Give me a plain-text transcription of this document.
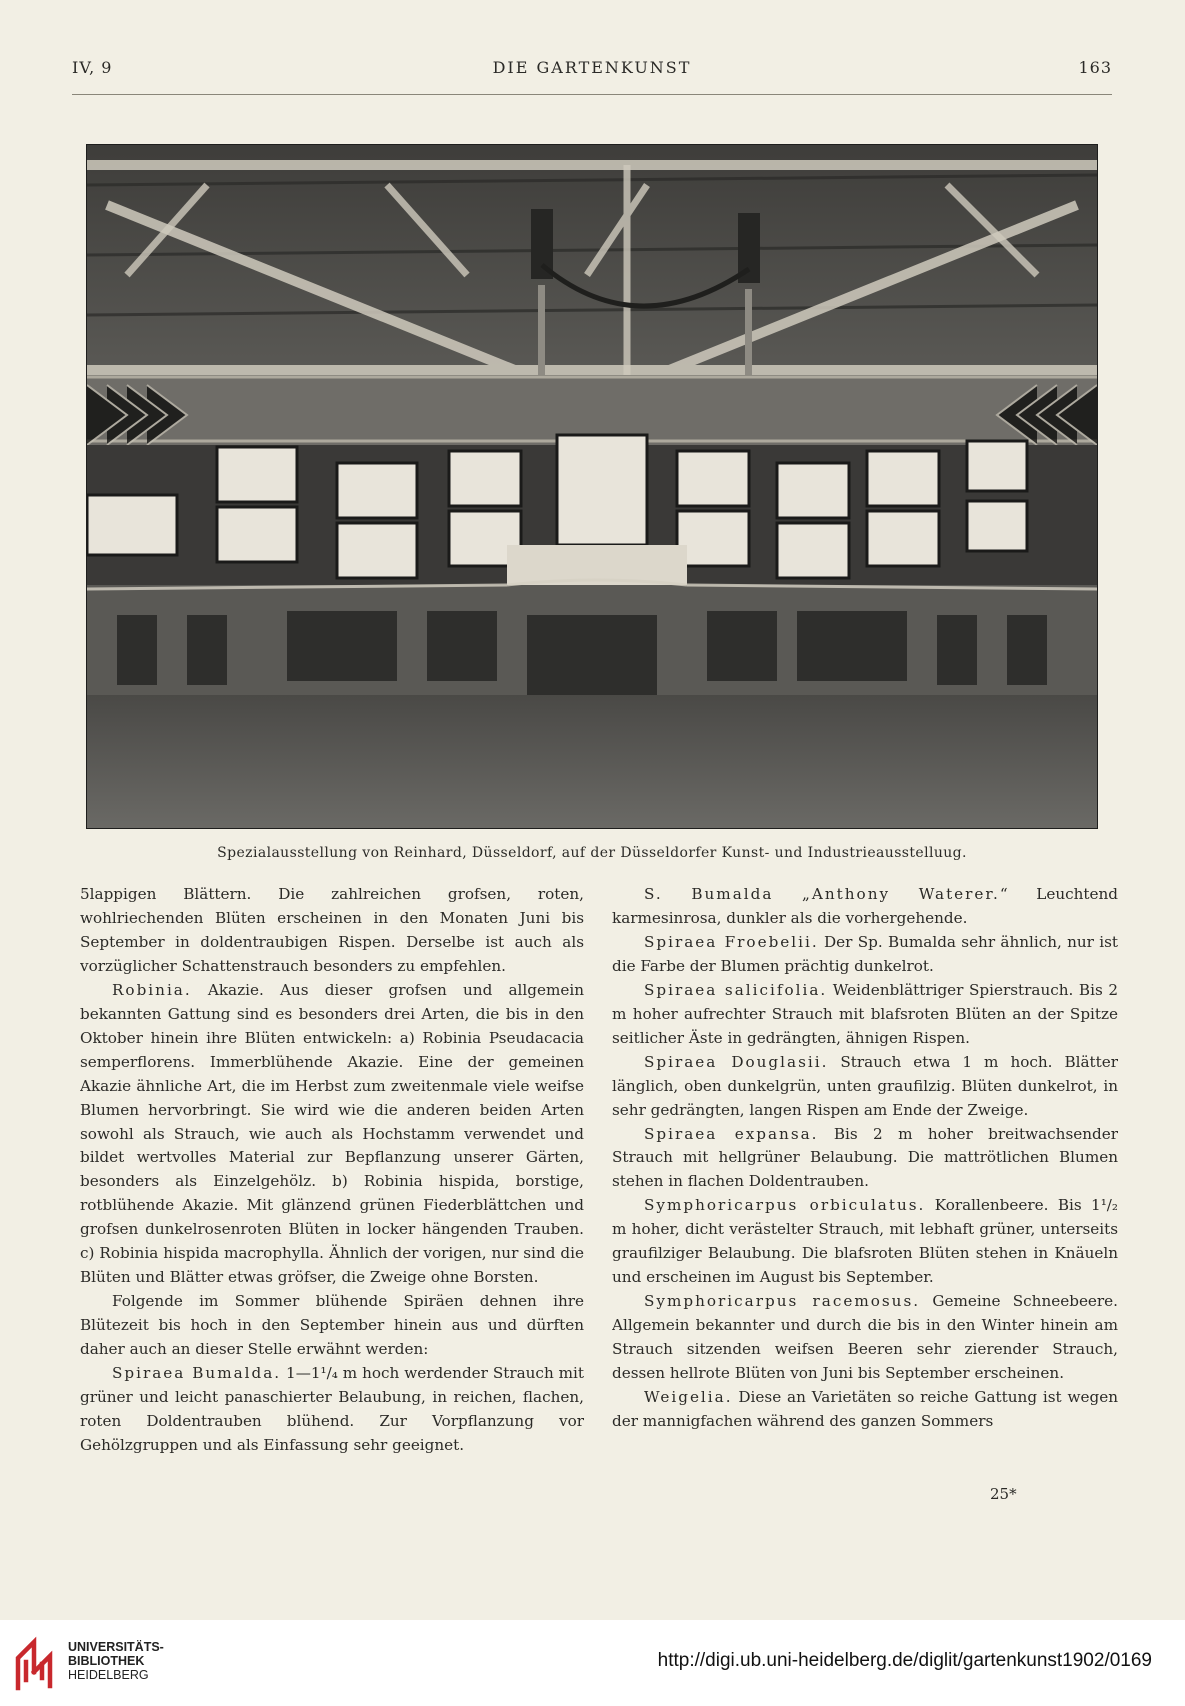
IV, 9	DIE GARTENKUNST	163
Spezialausstellung von Reinhard, Düsseldorf, auf der Düsseldorfer Kunst- und Industrieausstelluug.

5lappigen Blättern. Die zahlreichen grofsen, roten, wohlriechenden Blüten erscheinen in den Monaten Juni bis September in doldentraubigen Rispen. Derselbe ist auch als vorzüglicher Schattenstrauch besonders zu empfehlen.

Robinia. Akazie. Aus dieser grofsen und allgemein bekannten Gattung sind es besonders drei Arten, die bis in den Oktober hinein ihre Blüten entwickeln: a) Robinia Pseudacacia semperflorens. Immerblühende Akazie. Eine der gemeinen Akazie ähnliche Art, die im Herbst zum zweitenmale viele weifse Blumen hervorbringt. Sie wird wie die anderen beiden Arten sowohl als Strauch, wie auch als Hochstamm verwendet und bildet wertvolles Material zur Bepflanzung unserer Gärten, besonders als Einzelgehölz. b) Robinia hispida, borstige, rotblühende Akazie. Mit glänzend grünen Fiederblättchen und grofsen dunkelrosenroten Blüten in locker hängenden Trauben. c) Robinia hispida macrophylla. Ähnlich der vorigen, nur sind die Blüten und Blätter etwas gröfser, die Zweige ohne Borsten.

Folgende im Sommer blühende Spiräen dehnen ihre Blütezeit bis hoch in den September hinein aus und dürften daher auch an dieser Stelle erwähnt werden:

Spiraea Bumalda. 1—1¹/₄ m hoch werdender Strauch mit grüner und leicht panaschierter Belaubung, in reichen, flachen, roten Doldentrauben blühend. Zur Vorpflanzung vor Gehölzgruppen und als Einfassung sehr geeignet.

S. Bumalda „Anthony Waterer.“ Leuchtend karmesinrosa, dunkler als die vorhergehende.

Spiraea Froebelii. Der Sp. Bumalda sehr ähnlich, nur ist die Farbe der Blumen prächtig dunkelrot.

Spiraea salicifolia. Weidenblättriger Spierstrauch. Bis 2 m hoher aufrechter Strauch mit blafsroten Blüten an der Spitze seitlicher Äste in gedrängten, ähnigen Rispen.

Spiraea Douglasii. Strauch etwa 1 m hoch. Blätter länglich, oben dunkelgrün, unten graufilzig. Blüten dunkelrot, in sehr gedrängten, langen Rispen am Ende der Zweige.

Spiraea expansa. Bis 2 m hoher breitwachsender Strauch mit hellgrüner Belaubung. Die mattrötlichen Blumen stehen in flachen Doldentrauben.

Symphoricarpus orbiculatus. Korallenbeere. Bis 1¹/₂ m hoher, dicht verästelter Strauch, mit lebhaft grüner, unterseits graufilziger Belaubung. Die blafsroten Blüten stehen in Knäueln und erscheinen im August bis September.

Symphoricarpus racemosus. Gemeine Schneebeere. Allgemein bekannter und durch die bis in den Winter hinein am Strauch sitzenden weifsen Beeren sehr zierender Strauch, dessen hellrote Blüten von Juni bis September erscheinen.

Weigelia. Diese an Varietäten so reiche Gattung ist wegen der mannigfachen während des ganzen Sommers

25*
UNIVERSITÄTS-
BIBLIOTHEK
HEIDELBERG
http://digi.ub.uni-heidelberg.de/diglit/gartenkunst1902/0169
